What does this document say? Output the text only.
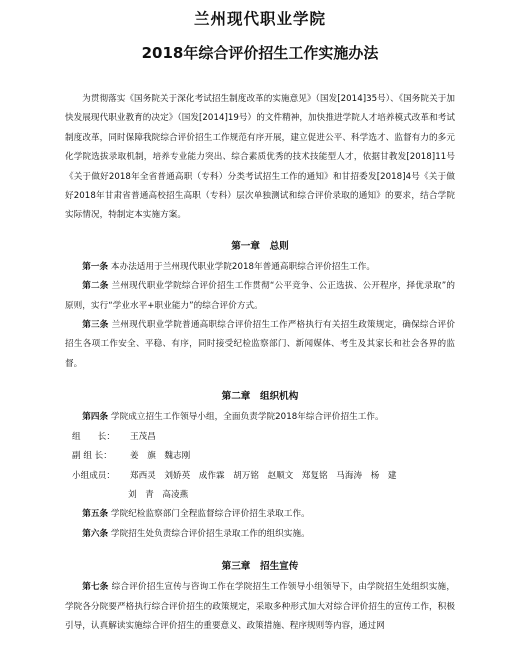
兰州现代职业学院
2018年综合评价招生工作实施办法

为贯彻落实《国务院关于深化考试招生制度改革的实施意见》（国发[2014]35号）、《国务院关于加快发展现代职业教育的决定》（国发[2014]19号）的文件精神，加快推进学院人才培养模式改革和考试制度改革，同时保障我院综合评价招生工作规范有序开展，建立促进公平、科学选才、监督有力的多元化学院选拔录取机制，培养专业能力突出、综合素质优秀的技术技能型人才，依据甘教发[2018]11号《关于做好2018年全省普通高职（专科）分类考试招生工作的通知》和甘招委发[2018]4号《关于做好2018年甘肃省普通高校招生高职（专科）层次单独测试和综合评价录取的通知》的要求，结合学院实际情况，特制定本实施方案。

第一章　总则

第一条 本办法适用于兰州现代职业学院2018年普通高职综合评价招生工作。

第二条 兰州现代职业学院综合评价招生工作贯彻“公平竞争、公正选拔、公开程序，择优录取”的原则，实行“学业水平+职业能力”的综合评价方式。

第三条 兰州现代职业学院普通高职综合评价招生工作严格执行有关招生政策规定，确保综合评价招生各项工作安全、平稳、有序，同时接受纪检监察部门、新闻媒体、考生及其家长和社会各界的监督。

第二章　组织机构

第四条 学院成立招生工作领导小组，全面负责学院2018年综合评价招生工作。

组　　长：	王茂昌
副 组 长：	姜　旗　魏志刚
小组成员：	郑西灵　刘娇英　成作霖　胡万铭　赵顺文　郑复铭　马海涛　杨　建
刘　青　高凌燕

第五条 学院纪检监察部门全程监督综合评价招生录取工作。

第六条 学院招生处负责综合评价招生录取工作的组织实施。

第三章　招生宣传

第七条 综合评价招生宣传与咨询工作在学院招生工作领导小组领导下，由学院招生处组织实施，学院各分院要严格执行综合评价招生的政策规定，采取多种形式加大对综合评价招生的宣传工作，积极引导，认真解读实施综合评价招生的重要意义、政策措施、程序规则等内容，通过网
